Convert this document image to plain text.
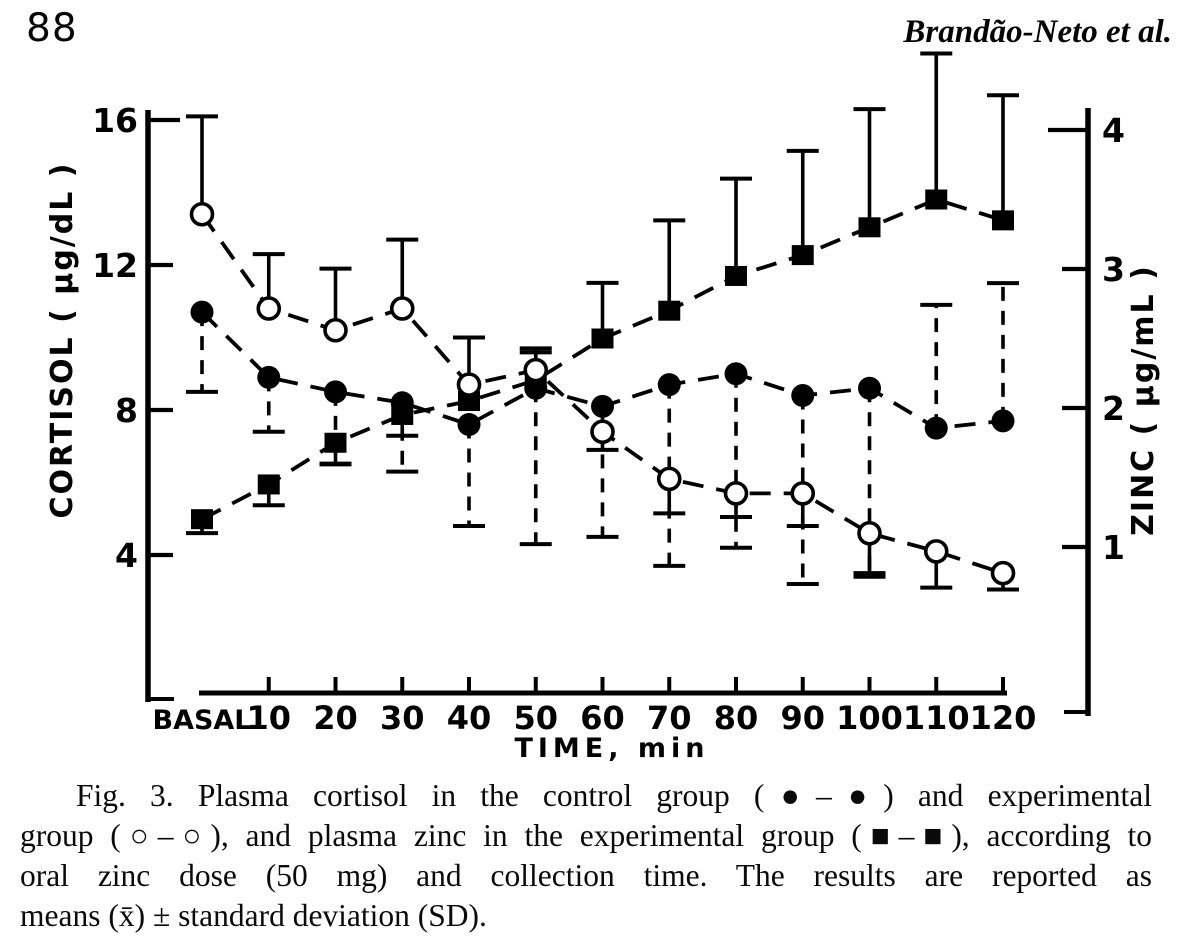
88	Brandão-Neto et al.
16
12
8
4
4
3
2
1
BASAL
10 20 30 40 50 60 70 80 90 100 110 120
CORTISOL ( μg/dL )	ZINC ( μg/mL )
TIME, min
Fig. 3. Plasma cortisol in the control group (●–●) and experimental
group (○–○), and plasma zinc in the experimental group (■–■), according to
oral zinc dose (50 mg) and collection time. The results are reported as
means (x̄) ± standard deviation (SD).
